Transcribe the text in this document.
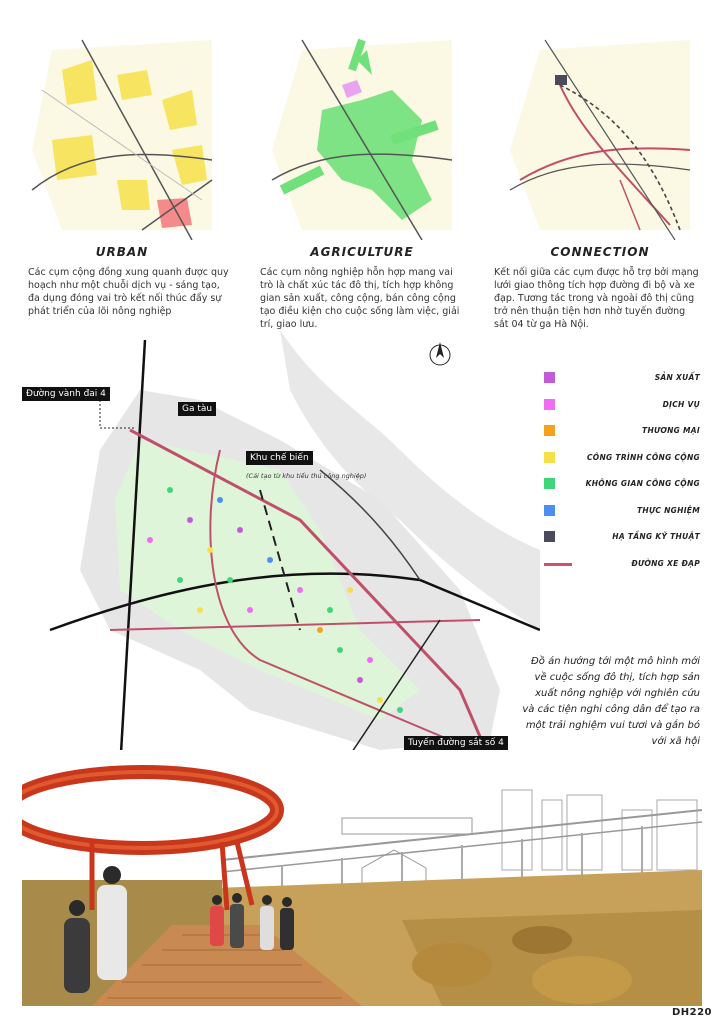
URBAN	AGRICULTURE	CONNECTION
Các cụm cộng đồng xung quanh được quy hoạch như một chuỗi dịch vụ - sáng tạo, đa dụng đóng vai trò kết nối thúc đẩy sự phát triển của lõi nông nghiệp
Các cụm nông nghiệp hỗn hợp mang vai trò là chất xúc tác đô thị, tích hợp không gian sản xuất, công cộng, bán công cộng tạo điều kiện cho cuộc sống làm việc, giải trí, giao lưu.
Kết nối giữa các cụm được hỗ trợ bởi mạng lưới giao thông tích hợp đường đi bộ và xe đạp. Tương tác trong và ngoài đô thị cũng trở nên thuận tiện hơn nhờ tuyến đường sắt 04 từ ga Hà Nội.
Đường vành đai 4
Ga tàu
Khu chế biến
(Cải tạo từ khu tiểu thủ công nghiệp)
Tuyến đường sắt số 4
SẢN XUẤT
DỊCH VỤ
THƯƠNG MẠI
CÔNG TRÌNH CÔNG CỘNG
KHÔNG GIAN CÔNG CỘNG
THỰC NGHIỆM
HẠ TẦNG KỸ THUẬT
ĐƯỜNG XE ĐẠP
Đồ án hướng tới một mô hình mới về cuộc sống đô thị, tích hợp sản xuất nông nghiệp với nghiên cứu và các tiện nghi công dân để tạo ra một trải nghiệm vui tươi và gắn bó với xã hội
DH220
